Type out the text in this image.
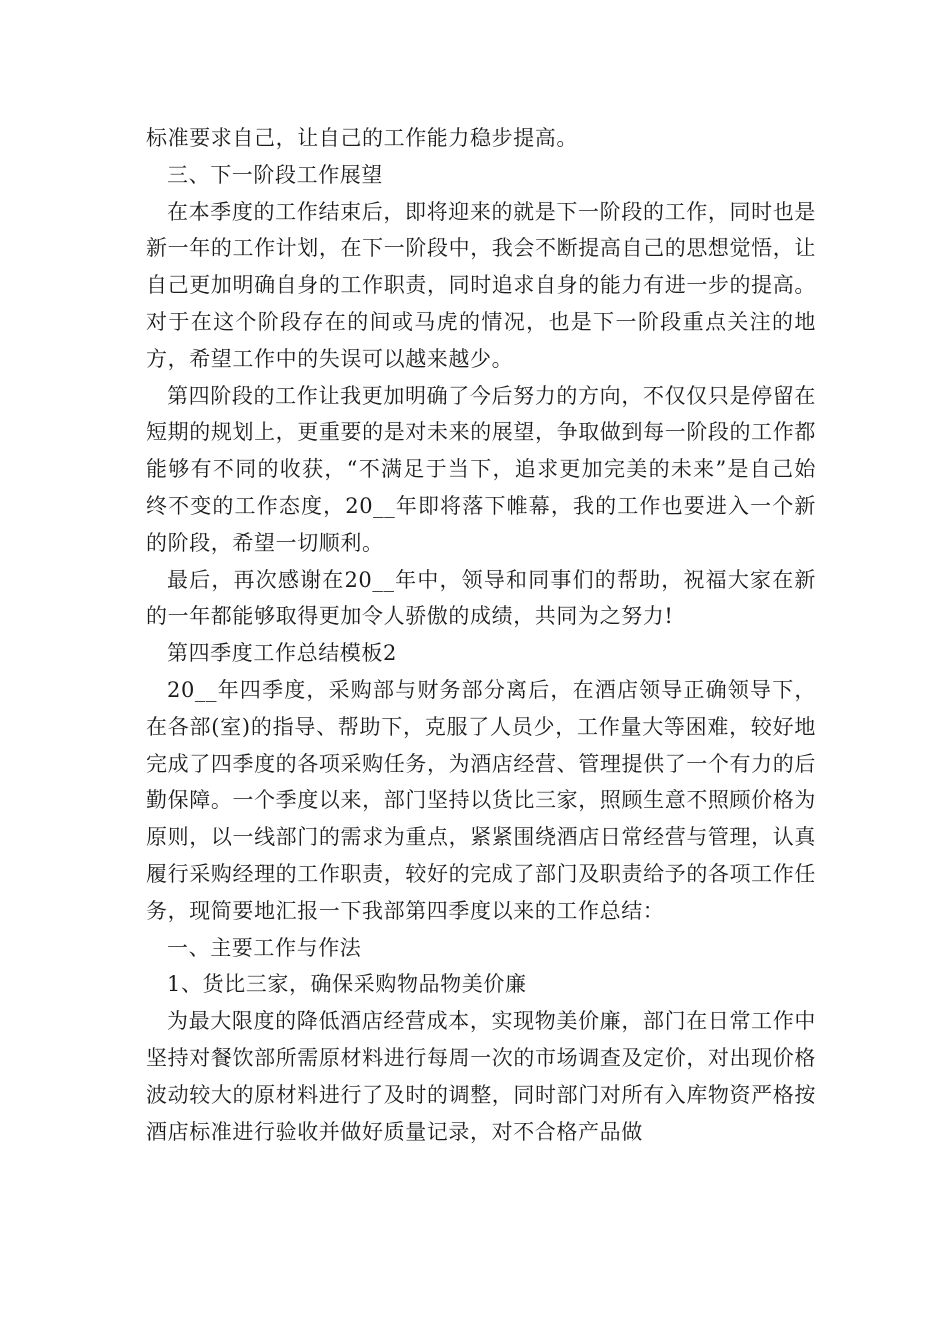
标准要求自己，让自己的工作能力稳步提高。

三、下一阶段工作展望

在本季度的工作结束后，即将迎来的就是下一阶段的工作，同时也是新一年的工作计划，在下一阶段中，我会不断提高自己的思想觉悟，让自己更加明确自身的工作职责，同时追求自身的能力有进一步的提高。对于在这个阶段存在的间或马虎的情况，也是下一阶段重点关注的地方，希望工作中的失误可以越来越少。

第四阶段的工作让我更加明确了今后努力的方向，不仅仅只是停留在短期的规划上，更重要的是对未来的展望，争取做到每一阶段的工作都能够有不同的收获，“不满足于当下，追求更加完美的未来”是自己始终不变的工作态度，20__年即将落下帷幕，我的工作也要进入一个新的阶段，希望一切顺利。

最后，再次感谢在20__年中，领导和同事们的帮助，祝福大家在新的一年都能够取得更加令人骄傲的成绩，共同为之努力!

第四季度工作总结模板2

20__年四季度，采购部与财务部分离后，在酒店领导正确领导下，在各部(室)的指导、帮助下，克服了人员少，工作量大等困难，较好地完成了四季度的各项采购任务，为酒店经营、管理提供了一个有力的后勤保障。一个季度以来，部门坚持以货比三家，照顾生意不照顾价格为原则，以一线部门的需求为重点，紧紧围绕酒店日常经营与管理，认真履行采购经理的工作职责，较好的完成了部门及职责给予的各项工作任务，现简要地汇报一下我部第四季度以来的工作总结：

一、主要工作与作法

1、货比三家，确保采购物品物美价廉

为最大限度的降低酒店经营成本，实现物美价廉，部门在日常工作中坚持对餐饮部所需原材料进行每周一次的市场调查及定价，对出现价格波动较大的原材料进行了及时的调整，同时部门对所有入库物资严格按酒店标准进行验收并做好质量记录，对不合格产品做
